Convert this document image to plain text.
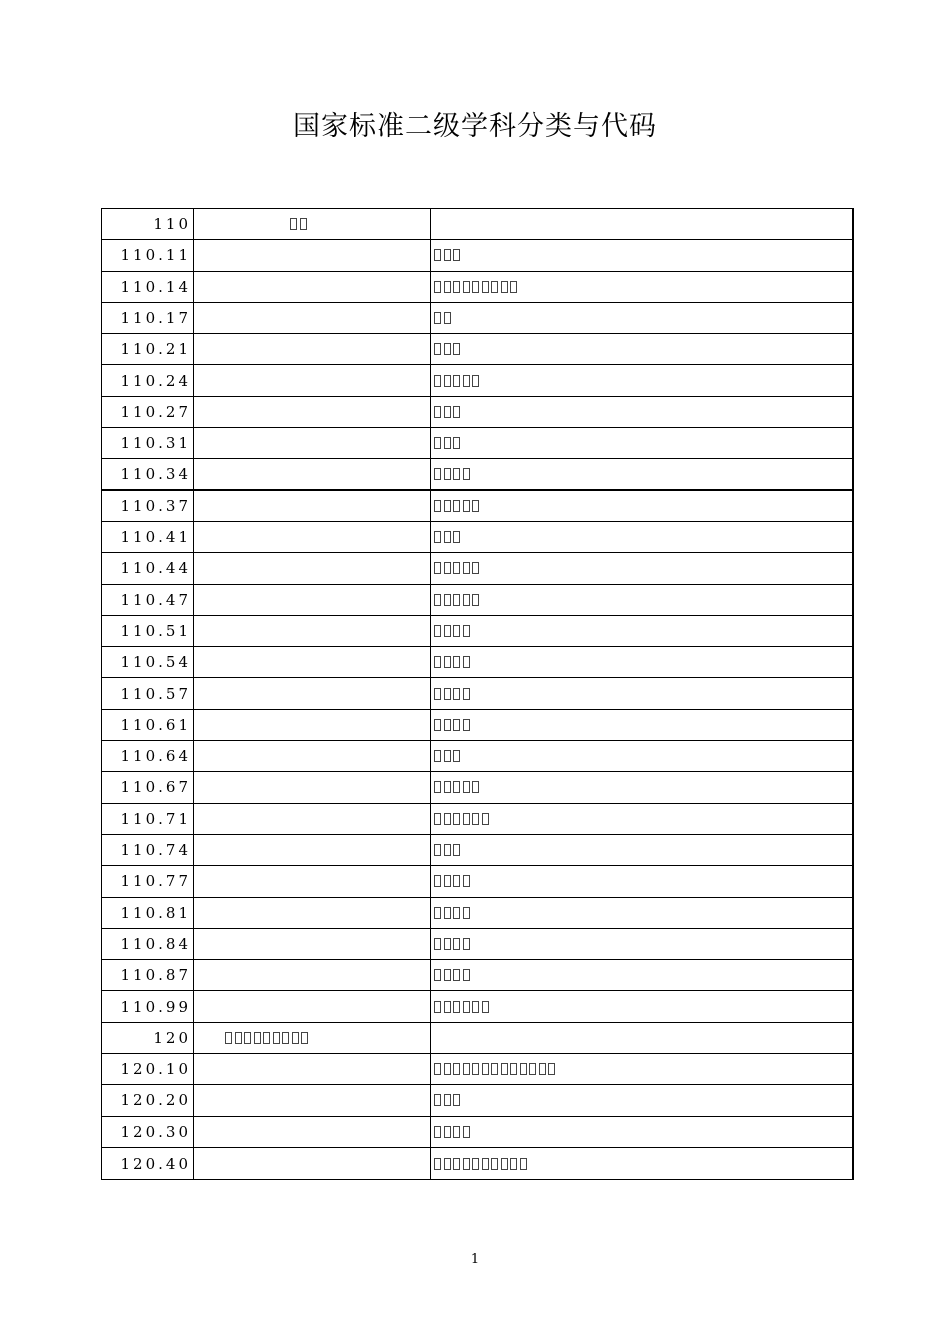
国家标准二级学科分类与代码
110
110.11
110.14
110.17
110.21
110.24
110.27
110.31
110.34
110.37
110.41
110.44
110.47
110.51
110.54
110.57
110.61
110.64
110.67
110.71
110.74
110.77
110.81
110.84
110.87
110.99
120
120.10
120.20
120.30
120.40
1
